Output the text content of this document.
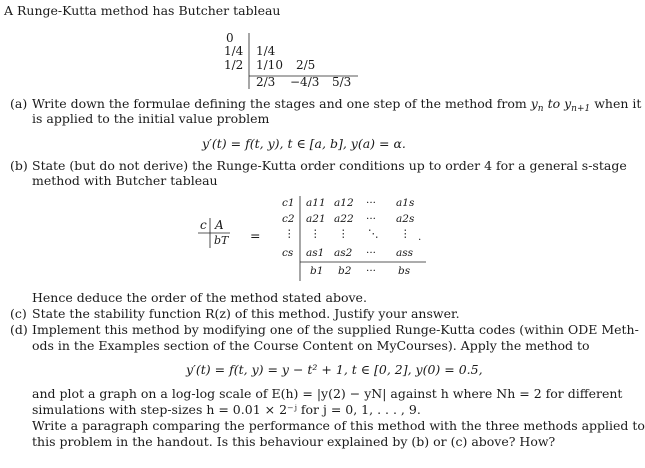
A Runge-Kutta method has Butcher tableau
0
1/4
1/2
1/4
1/10 2/5
2/3 −4/3 5/3
(a) Write down the formulae defining the stages and one step of the method from $y_n$ to $y_{n+1}$ when it
is applied to the initial value problem
y′(t) = f(t, y), t ∈ [a, b], y(a) = α.
(b) State (but do not derive) the Runge-Kutta order conditions up to order 4 for a general s-stage
method with Butcher tableau
c A
bT =
c1 a11 a12 ··· a1s
c2 a21 a22 ··· a2s
⋮ ⋮ ⋮ ⋱ ⋮ .
cs as1 as2 ··· ass
b1 b2 ··· bs
Hence deduce the order of the method stated above.
(c) State the stability function R(z) of this method. Justify your answer.
(d) Implement this method by modifying one of the supplied Runge-Kutta codes (within ODE Meth-
ods in the Examples section of the Course Content on MyCourses). Apply the method to
y′(t) = f(t, y) = y − t² + 1, t ∈ [0, 2], y(0) = 0.5,
and plot a graph on a log-log scale of E(h) = |y(2) − yN| against h where Nh = 2 for different
simulations with step-sizes h = 0.01 × 2⁻ʲ for j = 0, 1, . . . , 9.
Write a paragraph comparing the performance of this method with the three methods applied to
this problem in the handout. Is this behaviour explained by (b) or (c) above? How?
